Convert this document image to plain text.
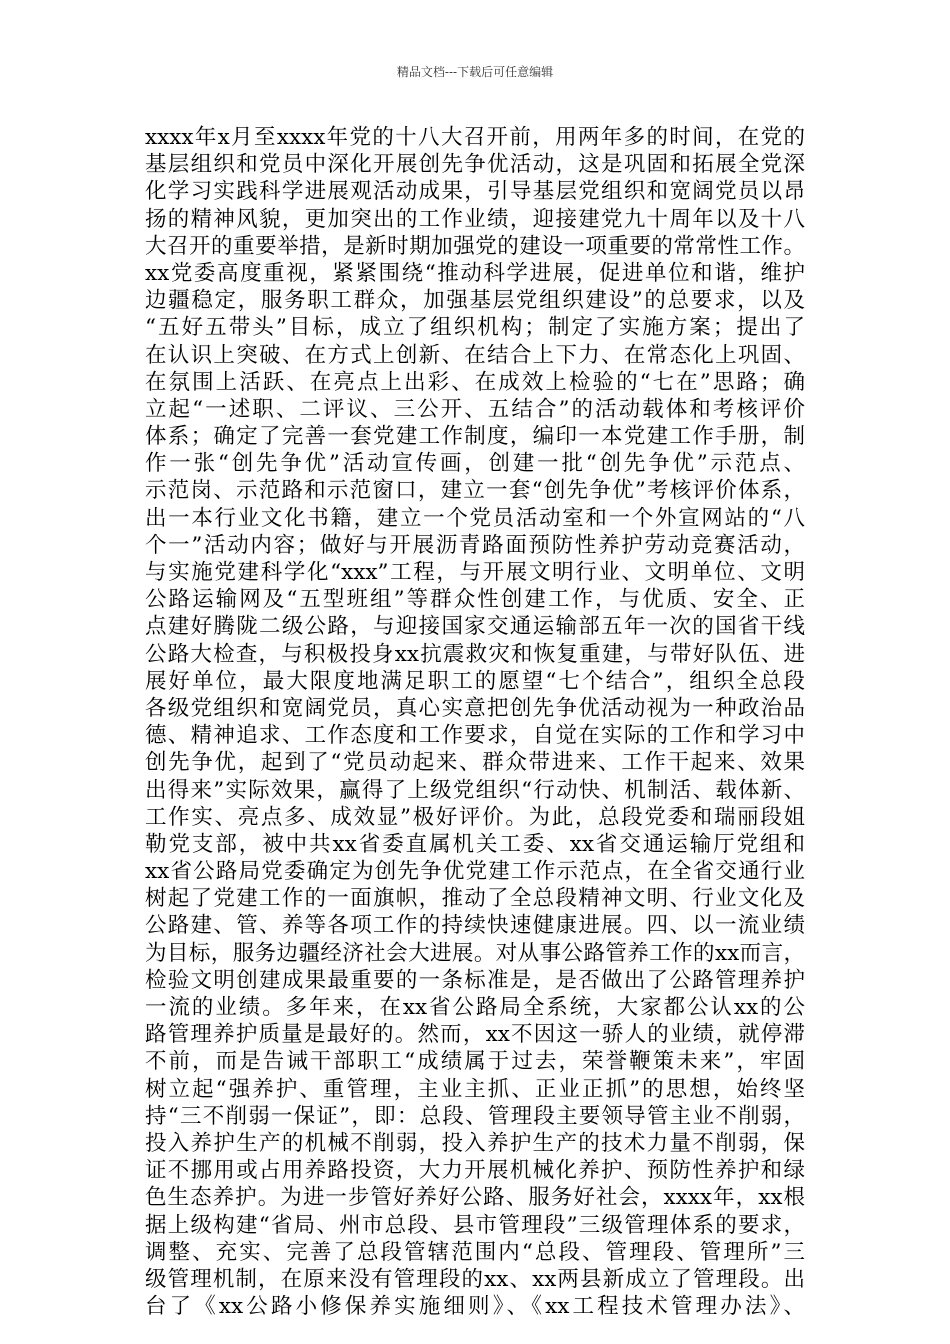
精品文档---下载后可任意编辑
xxxx年x月至xxxx年党的十八大召开前，用两年多的时间，在党的
基层组织和党员中深化开展创先争优活动，这是巩固和拓展全党深
化学习实践科学进展观活动成果，引导基层党组织和宽阔党员以昂
扬的精神风貌，更加突出的工作业绩，迎接建党九十周年以及十八
大召开的重要举措，是新时期加强党的建设一项重要的常常性工作。
xx党委高度重视，紧紧围绕“推动科学进展，促进单位和谐，维护
边疆稳定，服务职工群众，加强基层党组织建设”的总要求，以及
“五好五带头”目标，成立了组织机构；制定了实施方案；提出了
在认识上突破、在方式上创新、在结合上下力、在常态化上巩固、
在氛围上活跃、在亮点上出彩、在成效上检验的“七在”思路；确
立起“一述职、二评议、三公开、五结合”的活动载体和考核评价
体系；确定了完善一套党建工作制度，编印一本党建工作手册，制
作一张“创先争优”活动宣传画，创建一批“创先争优”示范点、
示范岗、示范路和示范窗口，建立一套“创先争优”考核评价体系，
出一本行业文化书籍，建立一个党员活动室和一个外宣网站的“八
个一”活动内容；做好与开展沥青路面预防性养护劳动竞赛活动，
与实施党建科学化“xxx”工程，与开展文明行业、文明单位、文明
公路运输网及“五型班组”等群众性创建工作，与优质、安全、正
点建好腾陇二级公路，与迎接国家交通运输部五年一次的国省干线
公路大检查，与积极投身xx抗震救灾和恢复重建，与带好队伍、进
展好单位，最大限度地满足职工的愿望“七个结合”，组织全总段
各级党组织和宽阔党员，真心实意把创先争优活动视为一种政治品
德、精神追求、工作态度和工作要求，自觉在实际的工作和学习中
创先争优，起到了“党员动起来、群众带进来、工作干起来、效果
出得来”实际效果，赢得了上级党组织“行动快、机制活、载体新、
工作实、亮点多、成效显”极好评价。为此，总段党委和瑞丽段姐
勒党支部，被中共xx省委直属机关工委、xx省交通运输厅党组和
xx省公路局党委确定为创先争优党建工作示范点，在全省交通行业
树起了党建工作的一面旗帜，推动了全总段精神文明、行业文化及
公路建、管、养等各项工作的持续快速健康进展。四、以一流业绩
为目标，服务边疆经济社会大进展。对从事公路管养工作的xx而言，
检验文明创建成果最重要的一条标准是，是否做出了公路管理养护
一流的业绩。多年来，在xx省公路局全系统，大家都公认xx的公
路管理养护质量是最好的。然而，xx不因这一骄人的业绩，就停滞
不前，而是告诫干部职工“成绩属于过去，荣誉鞭策未来”，牢固
树立起“强养护、重管理，主业主抓、正业正抓”的思想，始终坚
持“三不削弱一保证”，即：总段、管理段主要领导管主业不削弱，
投入养护生产的机械不削弱，投入养护生产的技术力量不削弱，保
证不挪用或占用养路投资，大力开展机械化养护、预防性养护和绿
色生态养护。为进一步管好养好公路、服务好社会，xxxx年，xx根
据上级构建“省局、州市总段、县市管理段”三级管理体系的要求，
调整、充实、完善了总段管辖范围内“总段、管理段、管理所”三
级管理机制，在原来没有管理段的xx、xx两县新成立了管理段。出
台了《xx公路小修保养实施细则》、《xx工程技术管理办法》、
